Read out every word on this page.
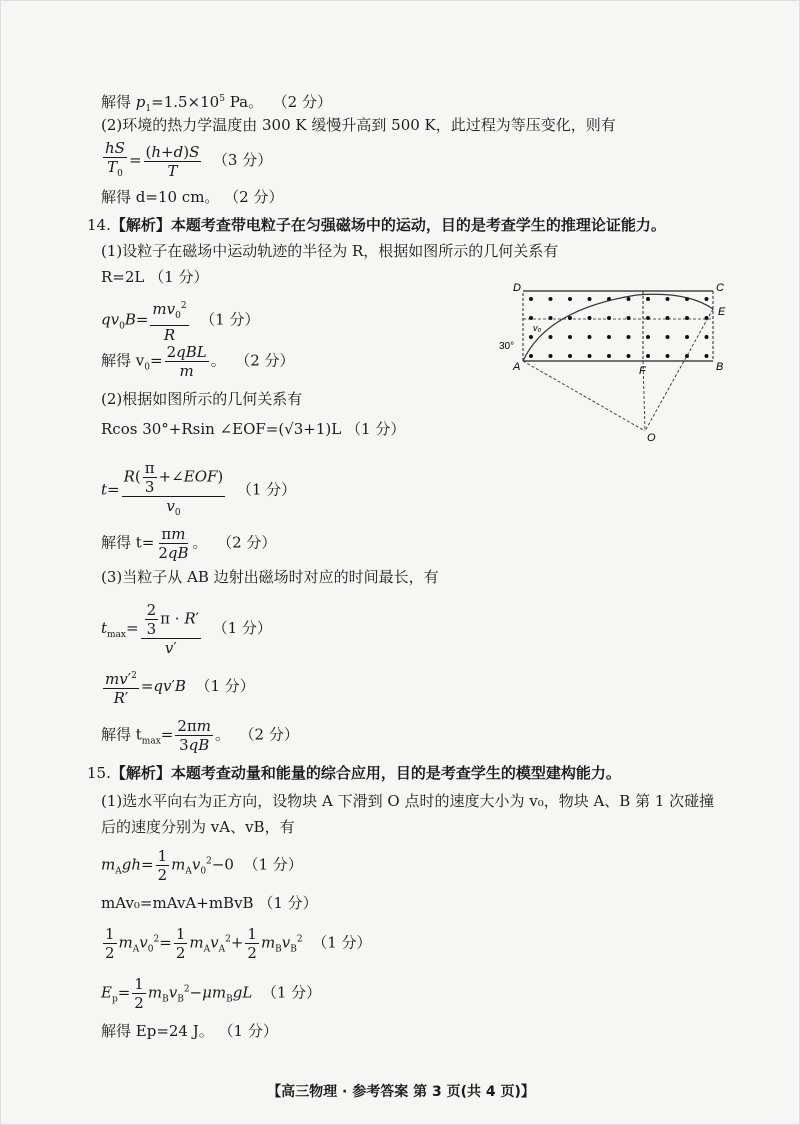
解得 $p_1=1.5\times 10^5$ Pa。 （2 分）
(2)环境的热力学温度由 300 K 缓慢升高到 500 K，此过程为等压变化，则有
$\frac{hS}{T_0} = \frac{(h+d)S}{T} (3$ 分）
解得 d=10 cm。 （2 分）
14.【解析】本题考查带电粒子在匀强磁场中的运动，目的是考查学生的推理论证能力。
(1)设粒子在磁场中运动轨迹的半径为 R，根据如图所示的几何关系有
R=2L （1 分）
$qv_0B= \frac{mv_0^2}{R} (1$ 分）
解得 $v_0= \frac{\text{2qBL}}{m}$ 。  （2 分）
(2)根据如图所示的几何关系有
Rcos 30°+Rsin ∠EOF=(√3+1)L （1 分）
$t= \frac{R( \frac{\pi}{3} +\angle EOF)}{v_0} (1$ 分）
解得 $t= \frac{\pi m}{2qB}$ 。  （2 分）
(3)当粒子从 AB 边射出磁场时对应的时间最长，有
$t_{max}= \frac{\frac{2}{3} \pi \cdot R'}{v'} (1$ 分）
$\frac{mv'^2}{R'} =qv'B$ （1 分）
解得 $t_{max}= \frac{2\pi m}{3qB}$ 。  （2 分）
15.【解析】本题考查动量和能量的综合应用，目的是考查学生的模型建构能力。
(1)选水平向右为正方向，设物块 A 下滑到 O 点时的速度大小为 v₀，物块 A、B 第 1 次碰撞
后的速度分别为 vA、vB，有
$m_Agh= \frac{1}{2} m_Av_0^2-0$  （1 分）
mAv₀=mAvA+mBvB （1 分）
$\frac{1}{2} m_Av_0^2= \frac{1}{2} m_Av_A^2+ \frac{1}{2} m_Bv_B^2$ （1 分）
$E_p= \frac{1}{2} m_Bv_B^2-\mu m_BgL$ （1 分）
解得 Ep=24 J。 （1 分）
D	C
E
A	B
F
O
v₀
30°
【高三物理 · 参考答案 第 3 页(共 4 页)】
